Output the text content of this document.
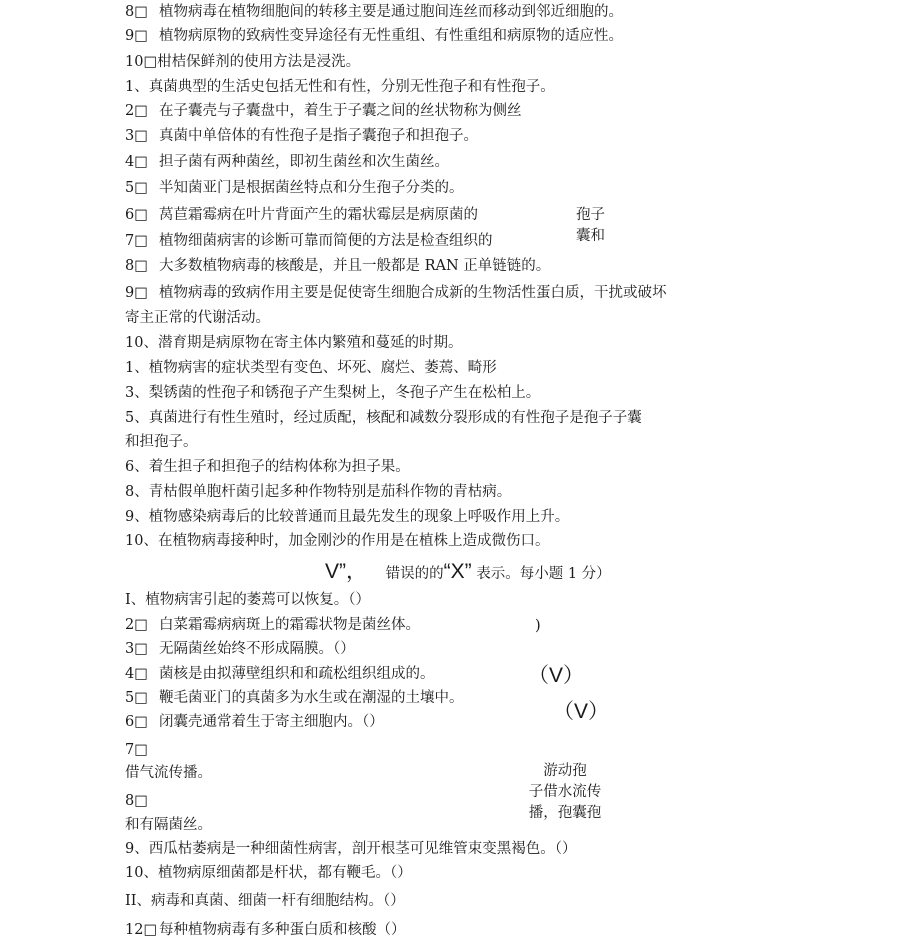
8□ 植物病毒在植物细胞间的转移主要是通过胞间连丝而移动到邻近细胞的。
9□ 植物病原物的致病性变异途径有无性重组、有性重组和病原物的适应性。
10□柑桔保鲜剂的使用方法是浸洗。
1、真菌典型的生活史包括无性和有性，分别无性孢子和有性孢子。
2□ 在子囊壳与子囊盘中，着生于子囊之间的丝状物称为侧丝
3□ 真菌中单倍体的有性孢子是指子囊孢子和担孢子。
4□ 担子菌有两种菌丝，即初生菌丝和次生菌丝。
5□ 半知菌亚门是根据菌丝特点和分生孢子分类的。
6□ 莴苣霜霉病在叶片背面产生的霜状霉层是病原菌的
7□ 植物细菌病害的诊断可靠而简便的方法是检查组织的
8□ 大多数植物病毒的核酸是，并且一般都是 RAN 正单链链的。
9□ 植物病毒的致病作用主要是促使寄生细胞合成新的生物活性蛋白质，干扰或破坏
寄主正常的代谢活动。
10、潜育期是病原物在寄主体内繁殖和蔓延的时期。
1、植物病害的症状类型有变色、坏死、腐烂、萎蔫、畸形
3、梨锈菌的性孢子和锈孢子产生梨树上，冬孢子产生在松柏上。
5、真菌进行有性生殖时，经过质配，核配和减数分裂形成的有性孢子是孢子子囊
和担孢子。
6、着生担子和担孢子的结构体称为担子果。
8、青枯假单胞杆菌引起多种作物特别是茄科作物的青枯病。
9、植物感染病毒后的比较普通而且最先发生的现象上呼吸作用上升。
10、在植物病毒接种时，加金刚沙的作用是在植株上造成微伤口。
孢子
囊和
V”， 错误的的“X” 表示。每小题 1 分）
I、植物病害引起的萎蔫可以恢复。（）
2□ 白菜霜霉病病斑上的霜霉状物是菌丝体。
3□ 无隔菌丝始终不形成隔膜。（）
4□ 菌核是由拟薄壁组织和和疏松组织组成的。
5□ 鞭毛菌亚门的真菌多为水生或在潮湿的土壤中。
6□ 闭囊壳通常着生于寄主细胞内。（）
7□
借气流传播。
8□
和有隔菌丝。
9、西瓜枯萎病是一种细菌性病害，剖开根茎可见维管束变黑褐色。（）
10、植物病原细菌都是杆状，都有鞭毛。（）
II、病毒和真菌、细菌一杆有细胞结构。（）
12□ 每种植物病毒有多种蛋白质和核酸（）
)
（V）
（V）
游动孢
子借水流传
播，孢囊孢
